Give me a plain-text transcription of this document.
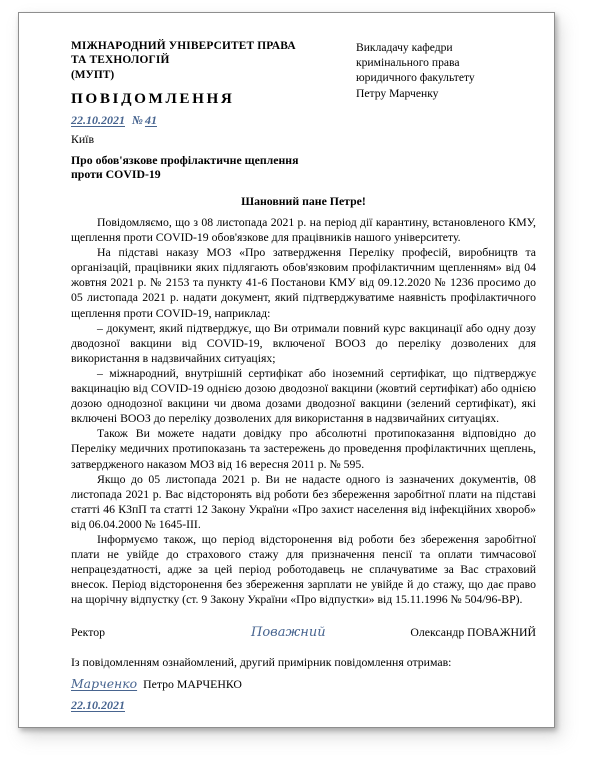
МІЖНАРОДНИЙ УНІВЕРСИТЕТ ПРАВА
ТА ТЕХНОЛОГІЙ
(МУПТ)
ПОВІДОМЛЕННЯ
Викладачу кафедри
кримінального права
юридичного факультету
Петру Марченку
22.10.2021 № 41
Київ
Про обов'язкове профілактичне щеплення
проти COVID-19
Шановний пане Петре!

Повідомляємо, що з 08 листопада 2021 р. на період дії карантину, встановленого КМУ, щеплення проти COVID-19 обов'язкове для працівників нашого університету.

На підставі наказу МОЗ «Про затвердження Переліку професій, виробництв та організацій, працівники яких підлягають обов'язковим профілактичним щепленням» від 04 жовтня 2021 р. № 2153 та пункту 41-6 Постанови КМУ від 09.12.2020 № 1236 просимо до 05 листопада 2021 р. надати документ, який підтверджуватиме наявність профілактичного щеплення проти COVID-19, наприклад:

– документ, який підтверджує, що Ви отримали повний курс вакцинації або одну дозу дводозної вакцини від COVID-19, включеної ВООЗ до переліку дозволених для використання в надзвичайних ситуаціях;

– міжнародний, внутрішній сертифікат або іноземний сертифікат, що підтверджує вакцинацію від COVID-19 однією дозою дводозної вакцини (жовтий сертифікат) або однією дозою однодозної вакцини чи двома дозами дводозної вакцини (зелений сертифікат), які включені ВООЗ до переліку дозволених для використання в надзвичайних ситуаціях.

Також Ви можете надати довідку про абсолютні протипоказання відповідно до Переліку медичних протипоказань та застережень до проведення профілактичних щеплень, затвердженого наказом МОЗ від 16 вересня 2011 р. № 595.

Якщо до 05 листопада 2021 р. Ви не надасте одного із зазначених документів, 08 листопада 2021 р. Вас відсторонять від роботи без збереження заробітної плати на підставі статті 46 КЗпП та статті 12 Закону України «Про захист населення від інфекційних хвороб» від 06.04.2000 № 1645-III.

Інформуємо також, що період відсторонення від роботи без збереження заробітної плати не увійде до страхового стажу для призначення пенсії та оплати тимчасової непрацездатності, адже за цей період роботодавець не сплачуватиме за Вас страховий внесок. Період відсторонення без збереження зарплати не увійде й до стажу, що дає право на щорічну відпустку (ст. 9 Закону України «Про відпустки» від 15.11.1996 № 504/96-ВР).

Ректор	Поважний	Олександр ПОВАЖНИЙ
Із повідомленням ознайомлений, другий примірник повідомлення отримав:
Марченко Петро МАРЧЕНКО
22.10.2021
